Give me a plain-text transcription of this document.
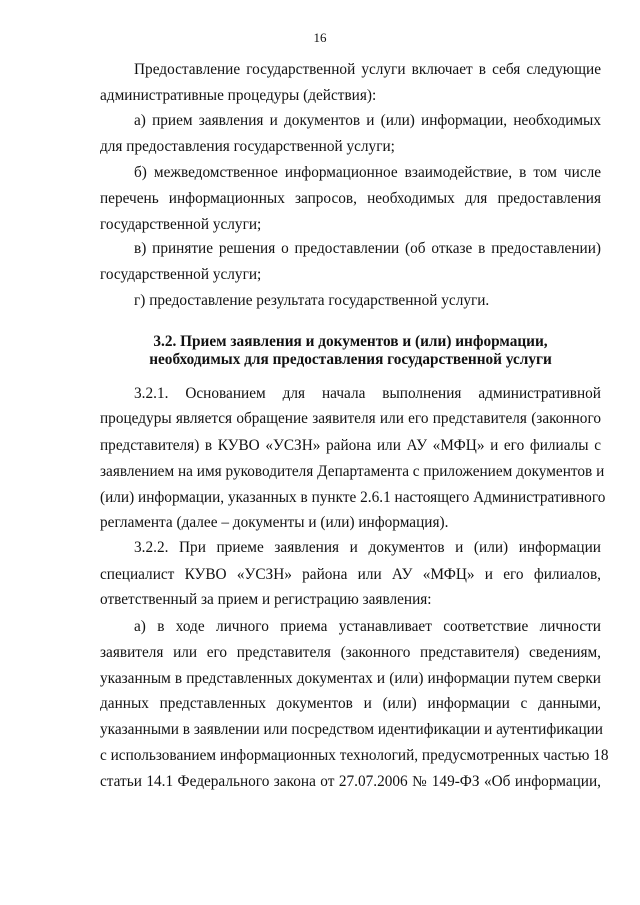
16
Предоставление государственной услуги включает в себя следующие
административные процедуры (действия):
а) прием заявления и документов и (или) информации, необходимых
для предоставления государственной услуги;
б) межведомственное информационное взаимодействие, в том числе
перечень информационных запросов, необходимых для предоставления
государственной услуги;
в) принятие решения о предоставлении (об отказе в предоставлении)
государственной услуги;
г) предоставление результата государственной услуги.
3.2. Прием заявления и документов и (или) информации,
необходимых для предоставления государственной услуги
3.2.1. Основанием для начала выполнения административной
процедуры является обращение заявителя или его представителя (законного
представителя) в КУВО «УСЗН» района или АУ «МФЦ» и его филиалы с
заявлением на имя руководителя Департамента с приложением документов и
(или) информации, указанных в пункте 2.6.1 настоящего Административного
регламента (далее – документы и (или) информация).
3.2.2. При приеме заявления и документов и (или) информации
специалист КУВО «УСЗН» района или АУ «МФЦ» и его филиалов,
ответственный за прием и регистрацию заявления:
а) в ходе личного приема устанавливает соответствие личности
заявителя или его представителя (законного представителя) сведениям,
указанным в представленных документах и (или) информации путем сверки
данных представленных документов и (или) информации с данными,
указанными в заявлении или посредством идентификации и аутентификации
с использованием информационных технологий, предусмотренных частью 18
статьи 14.1 Федерального закона от 27.07.2006 № 149-ФЗ «Об информации,
